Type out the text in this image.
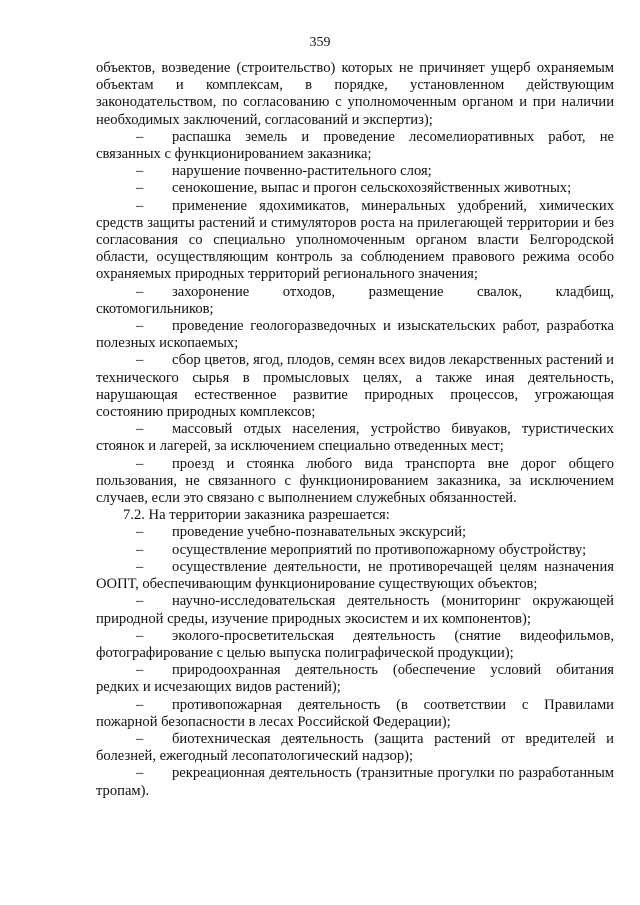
359

объектов, возведение (строительство) которых не причиняет ущерб охраняемым объектам и комплексам, в порядке, установленном действующим законодательством, по согласованию с уполномоченным органом и при наличии необходимых заключений, согласований и экспертиз);

– распашка земель и проведение лесомелиоративных работ, не связанных с функционированием заказника;

– нарушение почвенно-растительного слоя;

– сенокошение, выпас и прогон сельскохозяйственных животных;

– применение ядохимикатов, минеральных удобрений, химических средств защиты растений и стимуляторов роста на прилегающей территории и без согласования со специально уполномоченным органом власти Белгородской области, осуществляющим контроль за соблюдением правового режима особо охраняемых природных территорий регионального значения;

– захоронение отходов, размещение свалок, кладбищ, скотомогильников;

– проведение геологоразведочных и изыскательских работ, разработка полезных ископаемых;

– сбор цветов, ягод, плодов, семян всех видов лекарственных растений и технического сырья в промысловых целях, а также иная деятельность, нарушающая естественное развитие природных процессов, угрожающая состоянию природных комплексов;

– массовый отдых населения, устройство бивуаков, туристических стоянок и лагерей, за исключением специально отведенных мест;

– проезд и стоянка любого вида транспорта вне дорог общего пользования, не связанного с функционированием заказника, за исключением случаев, если это связано с выполнением служебных обязанностей.

7.2. На территории заказника разрешается:

– проведение учебно-познавательных экскурсий;

– осуществление мероприятий по противопожарному обустройству;

– осуществление деятельности, не противоречащей целям назначения ООПТ, обеспечивающим функционирование существующих объектов;

– научно-исследовательская деятельность (мониторинг окружающей природной среды, изучение природных экосистем и их компонентов);

– эколого-просветительская деятельность (снятие видеофильмов, фотографирование с целью выпуска полиграфической продукции);

– природоохранная деятельность (обеспечение условий обитания редких и исчезающих видов растений);

– противопожарная деятельность (в соответствии с Правилами пожарной безопасности в лесах Российской Федерации);

– биотехническая деятельность (защита растений от вредителей и болезней, ежегодный лесопатологический надзор);

– рекреационная деятельность (транзитные прогулки по разработанным тропам).
